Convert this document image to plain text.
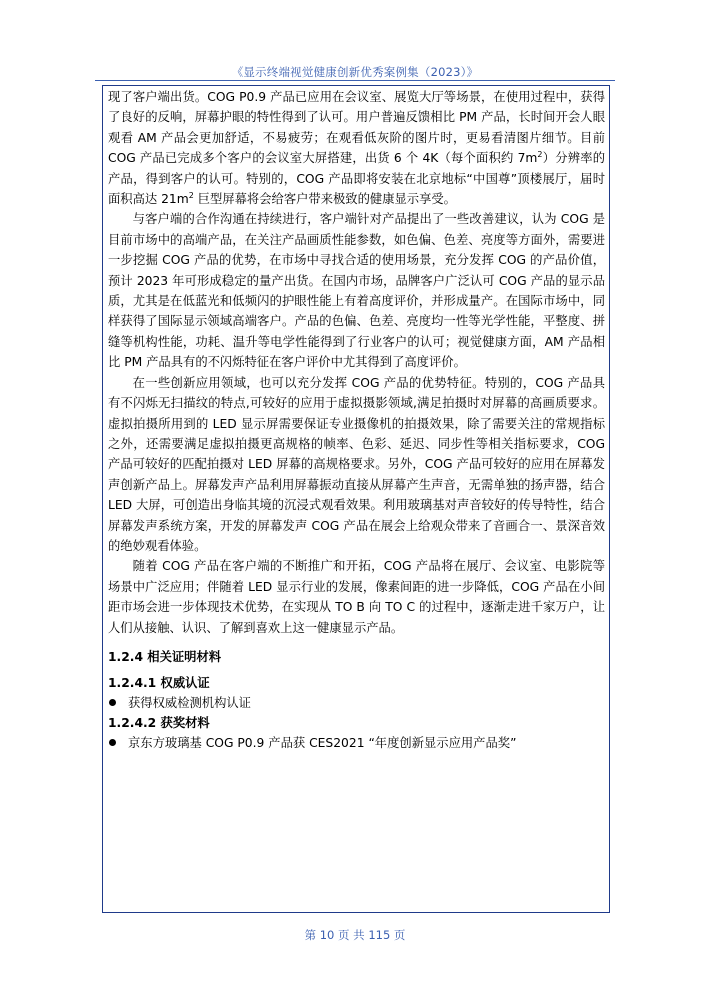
《显示终端视觉健康创新优秀案例集（2023）》

现了客户端出货。COG P0.9 产品已应用在会议室、展览大厅等场景，在使用过程中，获得了良好的反响，屏幕护眼的特性得到了认可。用户普遍反馈相比 PM 产品，长时间开会人眼观看 AM 产品会更加舒适，不易疲劳；在观看低灰阶的图片时，更易看清图片细节。目前 COG 产品已完成多个客户的会议室大屏搭建，出货 6 个 4K（每个面积约 $7m^2$）分辨率的产品，得到客户的认可。特别的，COG 产品即将安装在北京地标“中国尊”顶楼展厅，届时面积高达 $21m^2$ 巨型屏幕将会给客户带来极致的健康显示享受。

与客户端的合作沟通在持续进行，客户端针对产品提出了一些改善建议，认为 COG 是目前市场中的高端产品，在关注产品画质性能参数，如色偏、色差、亮度等方面外，需要进一步挖掘 COG 产品的优势，在市场中寻找合适的使用场景，充分发挥 COG 的产品价值，预计 2023 年可形成稳定的量产出货。在国内市场，品牌客户广泛认可 COG 产品的显示品质，尤其是在低蓝光和低频闪的护眼性能上有着高度评价，并形成量产。在国际市场中，同样获得了国际显示领域高端客户。产品的色偏、色差、亮度均一性等光学性能，平整度、拼缝等机构性能，功耗、温升等电学性能得到了行业客户的认可；视觉健康方面，AM 产品相比 PM 产品具有的不闪烁特征在客户评价中尤其得到了高度评价。

在一些创新应用领域，也可以充分发挥 COG 产品的优势特征。特别的，COG 产品具有不闪烁无扫描纹的特点,可较好的应用于虚拟摄影领域,满足拍摄时对屏幕的高画质要求。虚拟拍摄所用到的 LED 显示屏需要保证专业摄像机的拍摄效果，除了需要关注的常规指标之外，还需要满足虚拟拍摄更高规格的帧率、色彩、延迟、同步性等相关指标要求，COG 产品可较好的匹配拍摄对 LED 屏幕的高规格要求。另外，COG 产品可较好的应用在屏幕发声创新产品上。屏幕发声产品利用屏幕振动直接从屏幕产生声音，无需单独的扬声器，结合 LED 大屏，可创造出身临其境的沉浸式观看效果。利用玻璃基对声音较好的传导特性，结合屏幕发声系统方案，开发的屏幕发声 COG 产品在展会上给观众带来了音画合一、景深音效的绝妙观看体验。

随着 COG 产品在客户端的不断推广和开拓，COG 产品将在展厅、会议室、电影院等场景中广泛应用；伴随着 LED 显示行业的发展，像素间距的进一步降低，COG 产品在小间距市场会进一步体现技术优势，在实现从 TO B 向 TO C 的过程中，逐渐走进千家万户，让人们从接触、认识、了解到喜欢上这一健康显示产品。

1.2.4 相关证明材料

1.2.4.1 权威认证

获得权威检测机构认证

1.2.4.2 获奖材料

京东方玻璃基 COG P0.9 产品获 CES2021 “年度创新显示应用产品奖”

第 10 页 共 115 页
